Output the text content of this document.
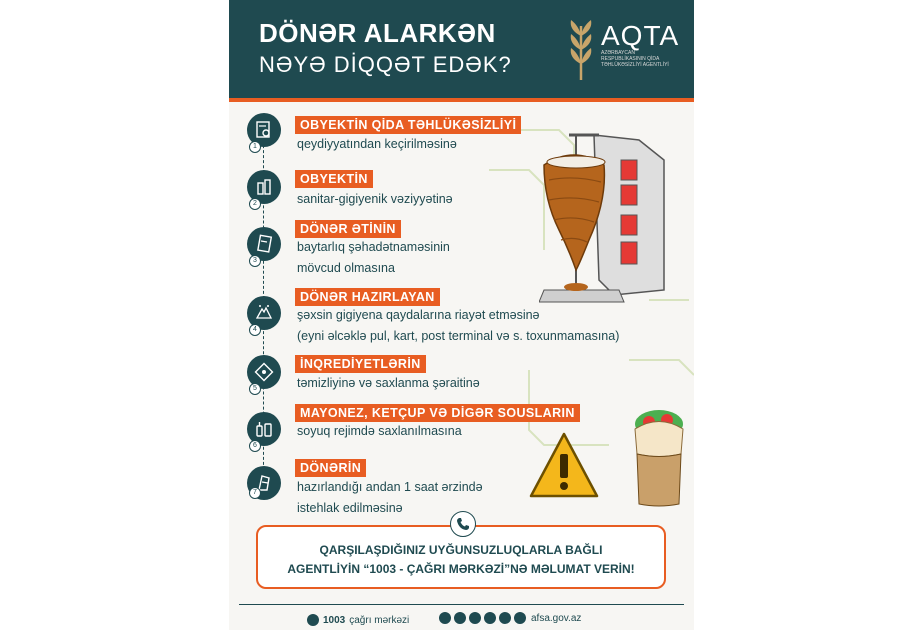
DÖNƏR ALARKƏN
NƏYƏ DİQQƏT EDƏK?
AQTA
AZƏRBAYCAN RESPUBLİKASININ QİDA TƏHLÜKƏSİZLİYİ AGENTLİYİ
1
OBYEKTİN QİDA TƏHLÜKƏSİZLİYİ
qeydiyyatından keçirilməsinə
2
OBYEKTİN
sanitar-gigiyenik vəziyyətinə
3
DÖNƏR ƏTİNİN
baytarlıq şəhadətnaməsinin
mövcud olmasına
4
DÖNƏR HAZIRLAYAN
şəxsin gigiyena qaydalarına riayət etməsinə
(eyni əlcəklə pul, kart, post terminal və s. toxunmamasına)
5
İNQREDİYETLƏRİN
təmizliyinə və saxlanma şəraitinə
6
MAYONEZ, KETÇUP VƏ DİGƏR SOUSLARIN
soyuq rejimdə saxlanılmasına
7
DÖNƏRİN
hazırlandığı andan 1 saat ərzində
istehlak edilməsinə
QARŞILAŞDIĞINIZ UYĞUNSUZLUQLARLA BAĞLI
AGENTLİYİN “1003 - ÇAĞRI MƏRKƏZİ”NƏ MƏLUMAT VERİN!
1003 çağrı mərkəzi	afsa.gov.az
